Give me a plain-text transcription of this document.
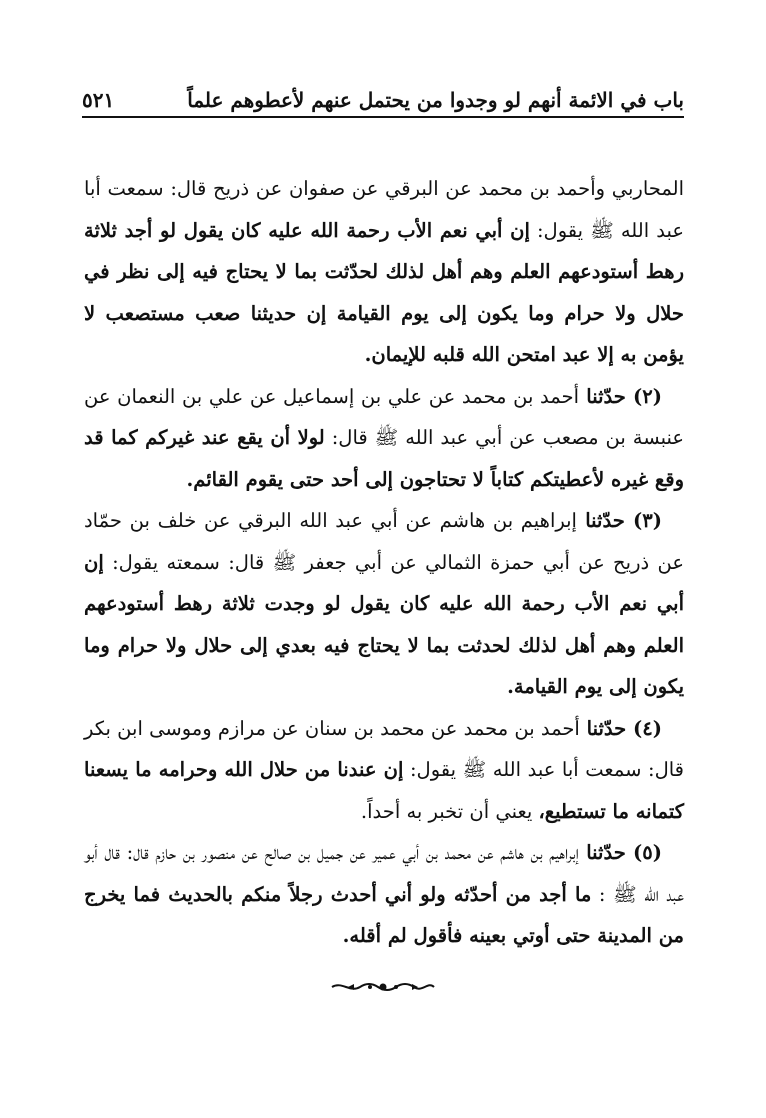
باب في الائمة أنهم لو وجدوا من يحتمل عنهم لأعطوهم علماً
٥٢١

المحاربي وأحمد بن محمد عن البرقي عن صفوان عن ذريح قال: سمعت أبا عبد الله ﷺ يقول: إن أبي نعم الأب رحمة الله عليه كان يقول لو أجد ثلاثة رهط أستودعهم العلم وهم أهل لذلك لحدّثت بما لا يحتاج فيه إلى نظر في حلال ولا حرام وما يكون إلى يوم القيامة إن حديثنا صعب مستصعب لا يؤمن به إلا عبد امتحن الله قلبه للإيمان.

(٢) حدّثنا أحمد بن محمد عن علي بن إسماعيل عن علي بن النعمان عن عنبسة بن مصعب عن أبي عبد الله ﷺ قال: لولا أن يقع عند غيركم كما قد وقع غيره لأعطيتكم كتاباً لا تحتاجون إلى أحد حتى يقوم القائم.

(٣) حدّثنا إبراهيم بن هاشم عن أبي عبد الله البرقي عن خلف بن حمّاد عن ذريح عن أبي حمزة الثمالي عن أبي جعفر ﷺ قال: سمعته يقول: إن أبي نعم الأب رحمة الله عليه كان يقول لو وجدت ثلاثة رهط أستودعهم العلم وهم أهل لذلك لحدثت بما لا يحتاج فيه بعدي إلى حلال ولا حرام وما يكون إلى يوم القيامة.

(٤) حدّثنا أحمد بن محمد عن محمد بن سنان عن مرازم وموسى ابن بكر قال: سمعت أبا عبد الله ﷺ يقول: إن عندنا من حلال الله وحرامه ما يسعنا كتمانه ما تستطيع، يعني أن تخبر به أحداً.

(٥) حدّثنا إبراهيم بن هاشم عن محمد بن أبي عمير عن جميل بن صالح عن منصور بن حازم قال: قال أبو عبد الله ﷺ : ما أجد من أحدّثه ولو أني أحدث رجلاً منكم بالحديث فما يخرج من المدينة حتى أوتي بعينه فأقول لم أقله.
